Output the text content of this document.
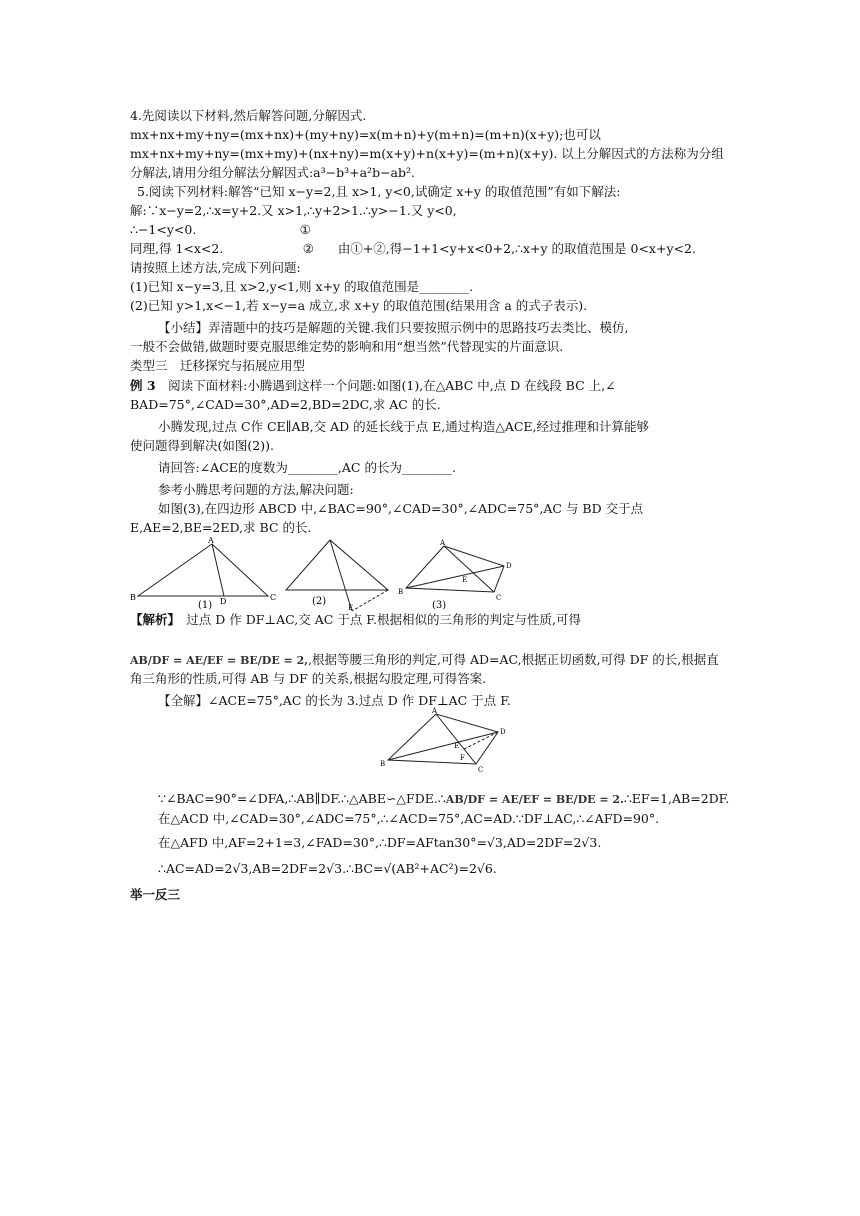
4.先阅读以下材料,然后解答问题,分解因式.
mx+nx+my+ny=(mx+nx)+(my+ny)=x(m+n)+y(m+n)=(m+n)(x+y);也可以
mx+nx+my+ny=(mx+my)+(nx+ny)=m(x+y)+n(x+y)=(m+n)(x+y). 以上分解因式的方法称为分组
分解法,请用分组分解法分解因式:a³−b³+a²b−ab².
5.阅读下列材料:解答“已知 x−y=2,且 x>1, y<0,试确定 x+y 的取值范围”有如下解法:
解:∵x−y=2,∴x=y+2.又 x>1,∴y+2>1.∴y>−1.又 y<0,
∴−1<y<0.                          ①
同理,得 1<x<2.                    ②      由①+②,得−1+1<y+x<0+2,∴x+y 的取值范围是 0<x+y<2.
请按照上述方法,完成下列问题:
(1)已知 x−y=3,且 x>2,y<1,则 x+y 的取值范围是________.
(2)已知 y>1,x<−1,若 x−y=a 成立,求 x+y 的取值范围(结果用含 a 的式子表示).
【小结】弄清题中的技巧是解题的关键.我们只要按照示例中的思路技巧去类比、模仿,
一般不会做错,做题时要克服思维定势的影响和用“想当然”代替现实的片面意识.
类型三　迁移探究与拓展应用型
例 3　阅读下面材料:小腾遇到这样一个问题:如图(1),在△ABC 中,点 D 在线段 BC 上,∠
BAD=75°,∠CAD=30°,AD=2,BD=2DC,求 AC 的长.
小腾发现,过点 C作 CE∥AB,交 AD 的延长线于点 E,通过构造△ACE,经过推理和计算能够
使问题得到解决(如图(2)).
请回答:∠ACE的度数为________,AC 的长为________.
参考小腾思考问题的方法,解决问题:
如图(3),在四边形 ABCD 中,∠BAC=90°,∠CAD=30°,∠ADC=75°,AC 与 BD 交于点
E,AE=2,BE=2ED,求 BC 的长.
A
B	C
D
(1)	(2)
E
A
B
C
D
E
(3)
【解析】　过点 D 作 DF⊥AC,交 AC 于点 F.根据相似的三角形的判定与性质,可得
AB/DF = AE/EF = BE/DE = 2,,根据等腰三角形的判定,可得 AD=AC,根据正切函数,可得 DF 的长,根据直
角三角形的性质,可得 AB 与 DF 的关系,根据勾股定理,可得答案.
【全解】∠ACE=75°,AC 的长为 3.过点 D 作 DF⊥AC 于点 F.
A
B
C
D
E
F
∵∠BAC=90°=∠DFA,∴AB∥DF.∴△ABE∽△FDE.∴AB/DF = AE/EF = BE/DE = 2.∴EF=1,AB=2DF.
在△ACD 中,∠CAD=30°,∠ADC=75°,∴∠ACD=75°,AC=AD.∵DF⊥AC,∴∠AFD=90°.
在△AFD 中,AF=2+1=3,∠FAD=30°,∴DF=AFtan30°=√3,AD=2DF=2√3.
∴AC=AD=2√3,AB=2DF=2√3.∴BC=√(AB²+AC²)=2√6.
举一反三
